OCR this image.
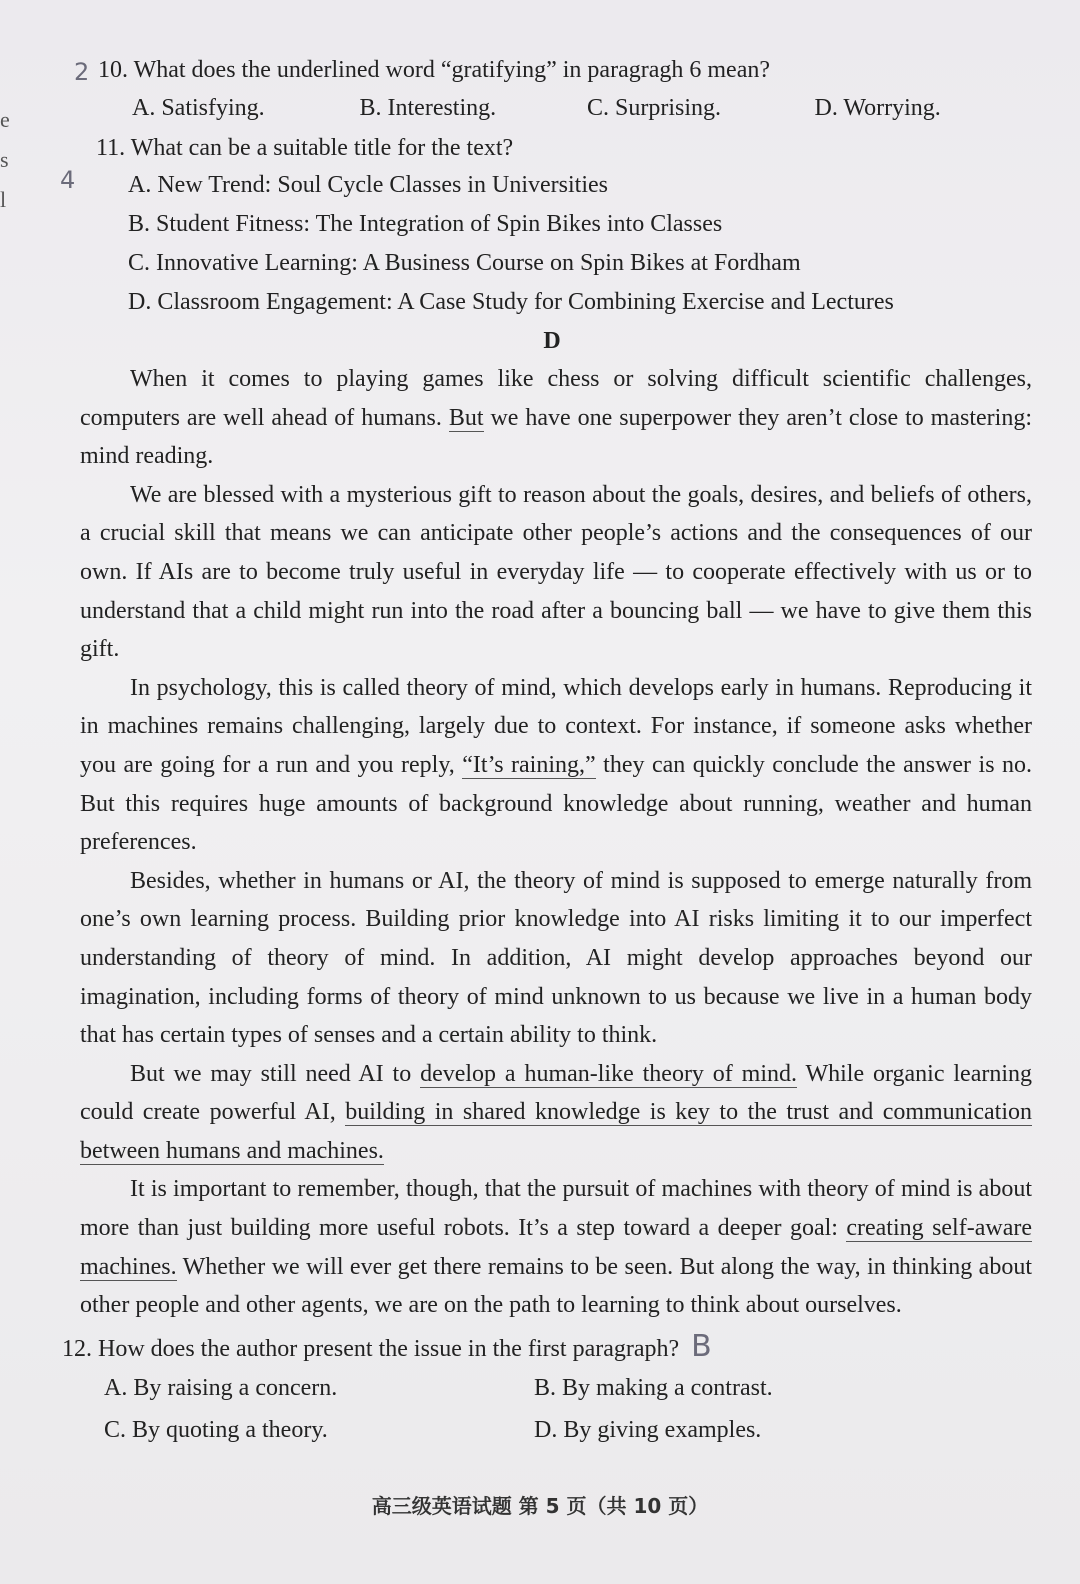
e
s
l
2 10. What does the underlined word “gratifying” in paragragh 6 mean?
A. Satisfying.	B. Interesting.	C. Surprising.	D. Worrying.
11. What can be a suitable title for the text?
4 A. New Trend: Soul Cycle Classes in Universities
B. Student Fitness: The Integration of Spin Bikes into Classes
C. Innovative Learning: A Business Course on Spin Bikes at Fordham
D. Classroom Engagement: A Case Study for Combining Exercise and Lectures
D

When it comes to playing games like chess or solving difficult scientific challenges, computers are well ahead of humans. But we have one superpower they aren’t close to mastering: mind reading.

We are blessed with a mysterious gift to reason about the goals, desires, and beliefs of others, a crucial skill that means we can anticipate other people’s actions and the consequences of our own. If AIs are to become truly useful in everyday life — to cooperate effectively with us or to understand that a child might run into the road after a bouncing ball — we have to give them this gift.

In psychology, this is called theory of mind, which develops early in humans. Reproducing it in machines remains challenging, largely due to context. For instance, if someone asks whether you are going for a run and you reply, “It’s raining,” they can quickly conclude the answer is no. But this requires huge amounts of background knowledge about running, weather and human preferences.

Besides, whether in humans or AI, the theory of mind is supposed to emerge naturally from one’s own learning process. Building prior knowledge into AI risks limiting it to our imperfect understanding of theory of mind. In addition, AI might develop approaches beyond our imagination, including forms of theory of mind unknown to us because we live in a human body that has certain types of senses and a certain ability to think.

But we may still need AI to develop a human-like theory of mind. While organic learning could create powerful AI, building in shared knowledge is key to the trust and communication between humans and machines.

It is important to remember, though, that the pursuit of machines with theory of mind is about more than just building more useful robots. It’s a step toward a deeper goal: creating self-aware machines. Whether we will ever get there remains to be seen. But along the way, in thinking about other people and other agents, we are on the path to learning to think about ourselves.

12. How does the author present the issue in the first paragraph? B
A. By raising a concern.	B. By making a contrast.
C. By quoting a theory.	D. By giving examples.
高三级英语试题 第 5 页（共 10 页）
